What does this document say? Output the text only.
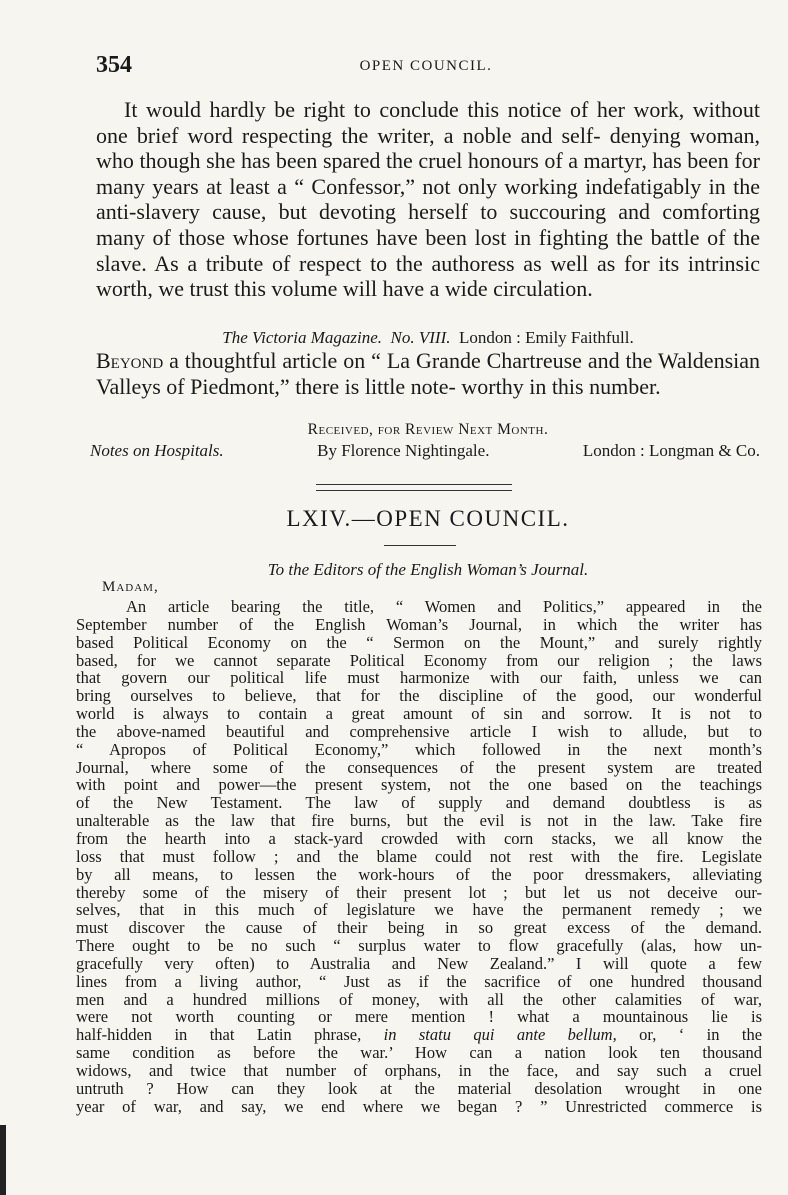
354	OPEN COUNCIL.

It would hardly be right to conclude this notice of her work, without one brief word respecting the writer, a noble and self- denying woman, who though she has been spared the cruel honours of a martyr, has been for many years at least a “ Confessor,” not only working indefatigably in the anti-slavery cause, but devoting herself to succouring and comforting many of those whose fortunes have been lost in fighting the battle of the slave. As a tribute of respect to the authoress as well as for its intrinsic worth, we trust this volume will have a wide circulation.

The Victoria Magazine. No. VIII. London : Emily Faithfull.

Beyond a thoughtful article on “ La Grande Chartreuse and the Waldensian Valleys of Piedmont,” there is little note- worthy in this number.

Received, for Review Next Month.
Notes on Hospitals.	By Florence Nightingale.	London : Longman & Co.
LXIV.—OPEN COUNCIL.
To the Editors of the English Woman’s Journal.
Madam,
An article bearing the title, “ Women and Politics,” appeared in the
September number of the English Woman’s Journal, in which the writer has
based Political Economy on the “ Sermon on the Mount,” and surely rightly
based, for we cannot separate Political Economy from our religion ; the laws
that govern our political life must harmonize with our faith, unless we can
bring ourselves to believe, that for the discipline of the good, our wonderful
world is always to contain a great amount of sin and sorrow. It is not to
the above-named beautiful and comprehensive article I wish to allude, but to
“ Apropos of Political Economy,” which followed in the next month’s
Journal, where some of the consequences of the present system are treated
with point and power—the present system, not the one based on the teachings
of the New Testament. The law of supply and demand doubtless is as
unalterable as the law that fire burns, but the evil is not in the law. Take fire
from the hearth into a stack-yard crowded with corn stacks, we all know the
loss that must follow ; and the blame could not rest with the fire. Legislate
by all means, to lessen the work-hours of the poor dressmakers, alleviating
thereby some of the misery of their present lot ; but let us not deceive our-
selves, that in this much of legislature we have the permanent remedy ; we
must discover the cause of their being in so great excess of the demand.
There ought to be no such “ surplus water to flow gracefully (alas, how un-
gracefully very often) to Australia and New Zealand.” I will quote a few
lines from a living author, “ Just as if the sacrifice of one hundred thousand
men and a hundred millions of money, with all the other calamities of war,
were not worth counting or mere mention ! what a mountainous lie is
half-hidden in that Latin phrase, in statu qui ante bellum, or, ‘ in the
same condition as before the war.’ How can a nation look ten thousand
widows, and twice that number of orphans, in the face, and say such a cruel
untruth ? How can they look at the material desolation wrought in one
year of war, and say, we end where we began ? ” Unrestricted commerce is
